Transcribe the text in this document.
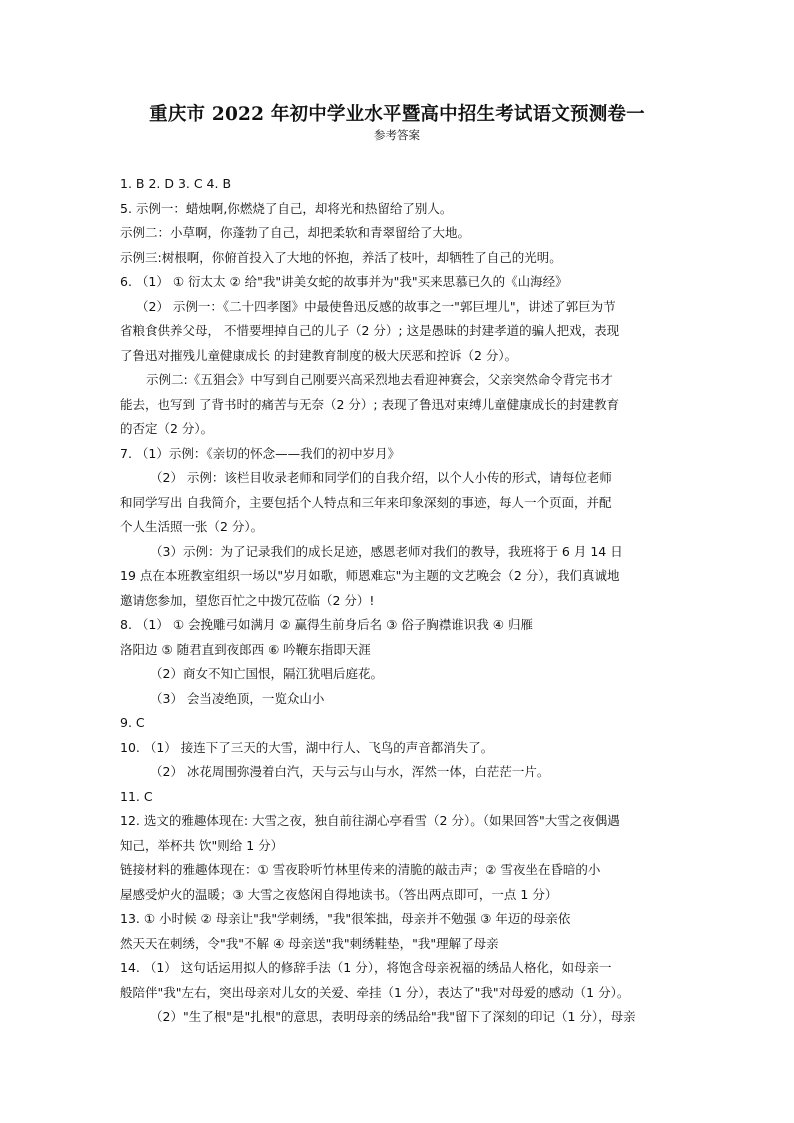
重庆市 2022 年初中学业水平暨高中招生考试语文预测卷一
参考答案
1. B 2. D 3. C 4. B
5. 示例一：蜡烛啊,你燃烧了自己，却将光和热留给了别人。
示例二：小草啊，你蓬勃了自己，却把柔软和青翠留给了大地。
示例三:树根啊，你俯首投入了大地的怀抱，养活了枝叶，却牺牲了自己的光明。
6. （1） ① 衍太太 ② 给"我"讲美女蛇的故事并为"我"买来思慕已久的《山海经》
（2） 示例一：《二十四孝图》中最使鲁迅反感的故事之一"郭巨埋儿"，讲述了郭巨为节
省粮食供养父母， 不惜要埋掉自己的儿子（2 分）; 这是愚昧的封建孝道的骗人把戏，表现
了鲁迅对摧残儿童健康成长 的封建教育制度的极大厌恶和控诉（2 分）。
示例二:《五猖会》中写到自己刚要兴高采烈地去看迎神赛会，父亲突然命令背完书才
能去，也写到 了背书时的痛苦与无奈（2 分）; 表现了鲁迅对束缚儿童健康成长的封建教育
的否定（2 分）。
7. （1）示例：《亲切的怀念——我们的初中岁月》
（2） 示例：该栏目收录老师和同学们的自我介绍，以个人小传的形式，请每位老师
和同学写出 自我简介，主要包括个人特点和三年来印象深刻的事迹，每人一个页面，并配
个人生活照一张（2 分）。
（3）示例：为了记录我们的成长足迹，感恩老师对我们的教导，我班将于 6 月 14 日
19 点在本班教室组织一场以"岁月如歌，师恩难忘"为主题的文艺晚会（2 分），我们真诚地
邀请您参加，望您百忙之中拨冗莅临（2 分）!
8. （1） ① 会挽雕弓如满月 ② 赢得生前身后名 ③ 俗子胸襟谁识我 ④ 归雁
洛阳边 ⑤ 随君直到夜郎西 ⑥ 吟鞭东指即天涯
（2）商女不知亡国恨，隔江犹唱后庭花。
（3） 会当凌绝顶，一览众山小
9. C
10. （1） 接连下了三天的大雪，湖中行人、飞鸟的声音都消失了。
（2） 冰花周围弥漫着白汽，天与云与山与水，浑然一体，白茫茫一片。
11. C
12. 选文的雅趣体现在: 大雪之夜，独自前往湖心亭看雪（2 分）。（如果回答"大雪之夜偶遇
知己，举杯共 饮"则给 1 分）
链接材料的雅趣体现在：① 雪夜聆听竹林里传来的清脆的敲击声；② 雪夜坐在昏暗的小
屋感受炉火的温暖；③ 大雪之夜悠闲自得地读书。（答出两点即可，一点 1 分）
13. ① 小时候 ② 母亲让"我"学刺绣，"我"很笨拙，母亲并不勉强 ③ 年迈的母亲依
然天天在刺绣，令"我"不解 ④ 母亲送"我"刺绣鞋垫，"我"理解了母亲
14. （1） 这句话运用拟人的修辞手法（1 分），将饱含母亲祝福的绣品人格化，如母亲一
般陪伴"我"左右，突出母亲对儿女的关爱、牵挂（1 分），表达了"我"对母爱的感动（1 分）。
（2）"生了根"是"扎根"的意思，表明母亲的绣品给"我"留下了深刻的印记（1 分），母亲
